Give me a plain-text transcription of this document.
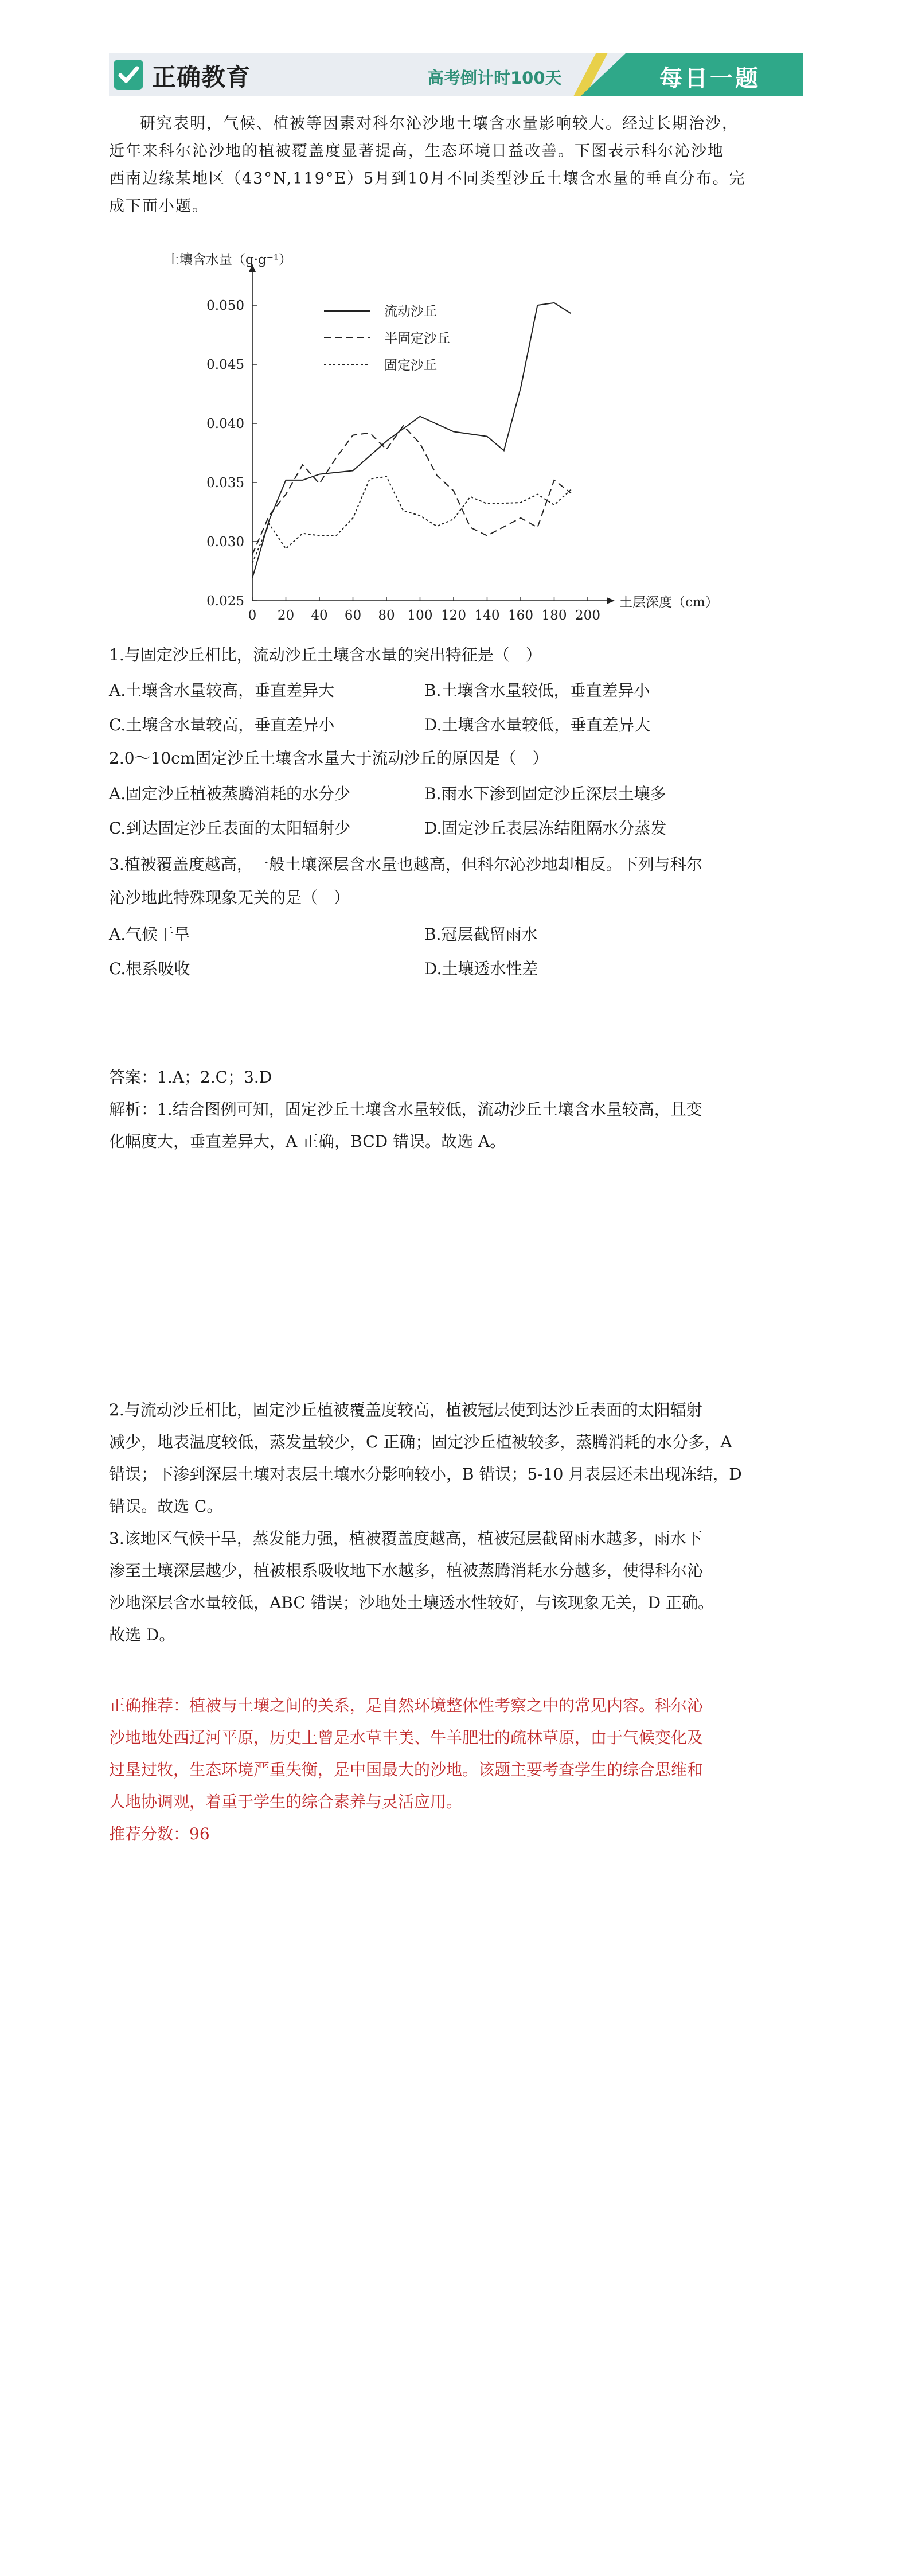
正确教育	高考倒计时100天	每日一题

研究表明，气候、植被等因素对科尔沁沙地土壤含水量影响较大。经过长期治沙，

近年来科尔沁沙地的植被覆盖度显著提高，生态环境日益改善。下图表示科尔沁沙地

西南边缘某地区（43°N,119°E）5月到10月不同类型沙丘土壤含水量的垂直分布。完

成下面小题。

0.025
0.030
0.035
0.040
0.045
0.050
0 20 40 60 80 100 120 140 160 180 200
土壤含水量（g·g⁻¹）
土层深度（cm）
流动沙丘
半固定沙丘
固定沙丘
1.与固定沙丘相比，流动沙丘土壤含水量的突出特征是（　）
A.土壤含水量较高，垂直差异大	B.土壤含水量较低，垂直差异小
C.土壤含水量较高，垂直差异小	D.土壤含水量较低，垂直差异大
2.0～10cm固定沙丘土壤含水量大于流动沙丘的原因是（　）
A.固定沙丘植被蒸腾消耗的水分少	B.雨水下渗到固定沙丘深层土壤多
C.到达固定沙丘表面的太阳辐射少	D.固定沙丘表层冻结阻隔水分蒸发
3.植被覆盖度越高，一般土壤深层含水量也越高，但科尔沁沙地却相反。下列与科尔
沁沙地此特殊现象无关的是（　）
A.气候干旱	B.冠层截留雨水
C.根系吸收	D.土壤透水性差

答案：1.A；2.C；3.D

解析：1.结合图例可知，固定沙丘土壤含水量较低，流动沙丘土壤含水量较高，且变

化幅度大，垂直差异大，A 正确，BCD 错误。故选 A。

2.与流动沙丘相比，固定沙丘植被覆盖度较高，植被冠层使到达沙丘表面的太阳辐射

减少，地表温度较低，蒸发量较少，C 正确；固定沙丘植被较多，蒸腾消耗的水分多，A

错误；下渗到深层土壤对表层土壤水分影响较小，B 错误；5-10 月表层还未出现冻结，D

错误。故选 C。

3.该地区气候干旱，蒸发能力强，植被覆盖度越高，植被冠层截留雨水越多，雨水下

渗至土壤深层越少，植被根系吸收地下水越多，植被蒸腾消耗水分越多，使得科尔沁

沙地深层含水量较低，ABC 错误；沙地处土壤透水性较好，与该现象无关，D 正确。

故选 D。

正确推荐：植被与土壤之间的关系，是自然环境整体性考察之中的常见内容。科尔沁

沙地地处西辽河平原，历史上曾是水草丰美、牛羊肥壮的疏林草原，由于气候变化及

过垦过牧，生态环境严重失衡，是中国最大的沙地。该题主要考查学生的综合思维和

人地协调观，着重于学生的综合素养与灵活应用。

推荐分数：96
